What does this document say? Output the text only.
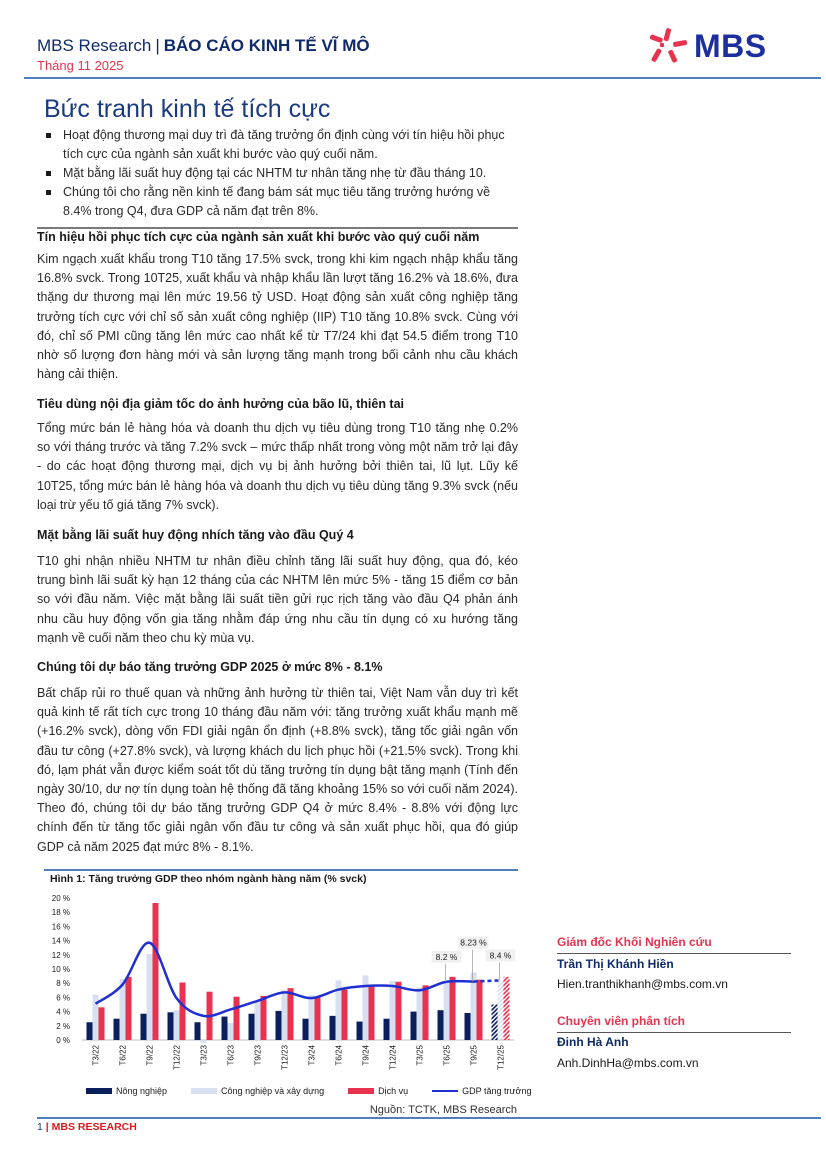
MBS Research | BÁO CÁO KINH TẾ VĨ MÔ
Tháng 11 2025
MBS
Bức tranh kinh tế tích cực
Hoạt động thương mại duy trì đà tăng trưởng ổn định cùng với tín hiệu hồi phục tích cực của ngành sản xuất khi bước vào quý cuối năm.
Mặt bằng lãi suất huy động tại các NHTM tư nhân tăng nhẹ từ đầu tháng 10.
Chúng tôi cho rằng nền kinh tế đang bám sát mục tiêu tăng trưởng hướng về 8.4% trong Q4, đưa GDP cả năm đạt trên 8%.
Tín hiệu hồi phục tích cực của ngành sản xuất khi bước vào quý cuối năm
Kim ngạch xuất khẩu trong T10 tăng 17.5% svck, trong khi kim ngạch nhập khẩu tăng 16.8% svck. Trong 10T25, xuất khẩu và nhập khẩu lần lượt tăng 16.2% và 18.6%, đưa thặng dư thương mại lên mức 19.56 tỷ USD. Hoạt động sản xuất công nghiệp tăng trưởng tích cực với chỉ số sản xuất công nghiệp (IIP) T10 tăng 10.8% svck. Cùng với đó, chỉ số PMI cũng tăng lên mức cao nhất kể từ T7/24 khi đạt 54.5 điểm trong T10 nhờ số lượng đơn hàng mới và sản lượng tăng mạnh trong bối cảnh nhu cầu khách hàng cải thiện.
Tiêu dùng nội địa giảm tốc do ảnh hưởng của bão lũ, thiên tai
Tổng mức bán lẻ hàng hóa và doanh thu dịch vụ tiêu dùng trong T10 tăng nhẹ 0.2% so với tháng trước và tăng 7.2% svck – mức thấp nhất trong vòng một năm trở lại đây - do các hoạt động thương mại, dịch vụ bị ảnh hưởng bởi thiên tai, lũ lụt. Lũy kế 10T25, tổng mức bán lẻ hàng hóa và doanh thu dịch vụ tiêu dùng tăng 9.3% svck (nếu loại trừ yếu tố giá tăng 7% svck).
Mặt bằng lãi suất huy động nhích tăng vào đầu Quý 4
T10 ghi nhận nhiều NHTM tư nhân điều chỉnh tăng lãi suất huy động, qua đó, kéo trung bình lãi suất kỳ hạn 12 tháng của các NHTM lên mức 5% - tăng 15 điểm cơ bản so với đầu năm. Việc mặt bằng lãi suất tiền gửi rục rịch tăng vào đầu Q4 phản ánh nhu cầu huy động vốn gia tăng nhằm đáp ứng nhu cầu tín dụng có xu hướng tăng mạnh về cuối năm theo chu kỳ mùa vụ.
Chúng tôi dự báo tăng trưởng GDP 2025 ở mức 8% - 8.1%
Bất chấp rủi ro thuế quan và những ảnh hưởng từ thiên tai, Việt Nam vẫn duy trì kết quả kinh tế rất tích cực trong 10 tháng đầu năm với: tăng trưởng xuất khẩu mạnh mẽ (+16.2% svck), dòng vốn FDI giải ngân ổn định (+8.8% svck), tăng tốc giải ngân vốn đầu tư công (+27.8% svck), và lượng khách du lịch phục hồi (+21.5% svck). Trong khi đó, lạm phát vẫn được kiểm soát tốt dù tăng trưởng tín dụng bật tăng mạnh (Tính đến ngày 30/10, dư nợ tín dụng toàn hệ thống đã tăng khoảng 15% so với cuối năm 2024). Theo đó, chúng tôi dự báo tăng trưởng GDP Q4 ở mức 8.4% - 8.8% với động lực chính đến từ tăng tốc giải ngân vốn đầu tư công và sản xuất phục hồi, qua đó giúp GDP cả năm 2025 đạt mức 8% - 8.1%.
Hình 1: Tăng trưởng GDP theo nhóm ngành hàng năm (% svck)
0 %
2 %
4 %
6 %
8 %
10 %
12 %
14 %
16 %
18 %
20 %
T3/22 T6/22 T9/22 T12/22 T3/23 T6/23 T9/23 T12/23 T3/24 T6/24 T9/24 T12/24 T3/25 T6/25 T9/25 T12/25
8.2 %
8.23 %
8.4 %
Nông nghiệp	Công nghiệp và xây dựng	Dịch vụ	GDP tăng trưởng
Nguồn: TCTK, MBS Research
Giám đốc Khối Nghiên cứu
Trần Thị Khánh Hiền
Hien.tranthikhanh@mbs.com.vn
Chuyên viên phân tích
Đinh Hà Anh
Anh.DinhHa@mbs.com.vn
1 | MBS RESEARCH
